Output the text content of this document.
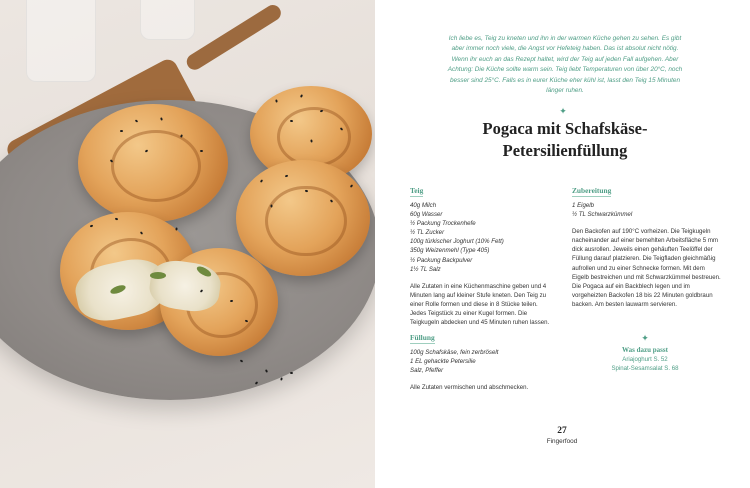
Ich liebe es, Teig zu kneten und ihn in der warmen Küche gehen zu sehen. Es gibt aber immer noch viele, die Angst vor Hefeteig haben. Das ist absolut nicht nötig. Wenn ihr euch an das Rezept haltet, wird der Teig auf jeden Fall aufgehen. Aber Achtung: Die Küche sollte warm sein. Teig liebt Temperaturen von über 20°C, noch besser sind 25°C. Falls es in eurer Küche eher kühl ist, lasst den Teig 15 Minuten länger ruhen.

✦
Pogaca mit Schafskäse-
Petersilienfüllung
Teig
40g Milch
60g Wasser
½ Packung Trockenhefe
½ TL Zucker
100g türkischer Joghurt (10% Fett)
350g Weizenmehl (Type 405)
½ Packung Backpulver
1½ TL Salz

Alle Zutaten in eine Küchenmaschine geben und 4 Minuten lang auf kleiner Stufe kneten. Den Teig zu einer Rolle formen und diese in 8 Stücke teilen. Jedes Teigstück zu einer Kugel formen. Die Teigkugeln abdecken und 45 Minuten ruhen lassen.

Füllung
100g Schafskäse, fein zerbröselt
1 EL gehackte Petersilie
Salz, Pfeffer

Alle Zutaten vermischen und abschmecken.

Zubereitung
1 Eigelb
½ TL Schwarzkümmel

Den Backofen auf 190°C vorheizen. Die Teigkugeln nacheinander auf einer bemehlten Arbeitsfläche 5 mm dick ausrollen. Jeweils einen gehäuften Teelöffel der Füllung darauf platzieren. Die Teigfladen gleichmäßig aufrollen und zu einer Schnecke formen. Mit dem Eigelb bestreichen und mit Schwarzkümmel bestreuen. Die Pogaca auf ein Backblech legen und im vorgeheizten Backofen 18 bis 22 Minuten goldbraun backen. Am besten lauwarm servieren.

✦
Was dazu passt
Ariajoghurt S. 52
Spinat-Sesamsalat S. 68
27
Fingerfood
